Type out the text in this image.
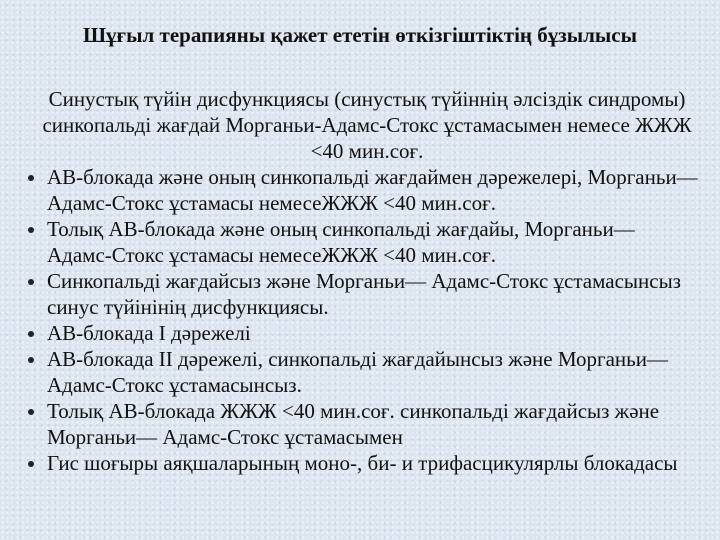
Шұғыл терапияны қажет ететін өткізгіштіктің бұзылысы

Синустық түйін дисфункциясы (синустық түйіннің әлсіздік синдромы) синкопальді жағдай Морганьи-Адамс-Стокс ұстамасымен немесе ЖЖЖ <40 мин.соғ.

АВ-блокада және оның синкопальді жағдаймен дәрежелері, Морганьи— Адамс-Стокс ұстамасы немесеЖЖЖ <40 мин.соғ.
Толық АВ-блокада және оның синкопальді жағдайы, Морганьи— Адамс-Стокс ұстамасы немесеЖЖЖ <40 мин.соғ.
Синкопальді жағдайсыз және Морганьи— Адамс-Стокс ұстамасынсыз синус түйінінің дисфункциясы.
АВ-блокада I дәрежелі
АВ-блокада II дәрежелі, синкопальді жағдайынсыз және Морганьи— Адамс-Стокс ұстамасынсыз.
Толық АВ-блокада ЖЖЖ <40 мин.соғ. синкопальді жағдайсыз және Морганьи— Адамс-Стокс ұстамасымен
Гис шоғыры аяқшаларының моно-, би- и трифасцикулярлы блокадасы
